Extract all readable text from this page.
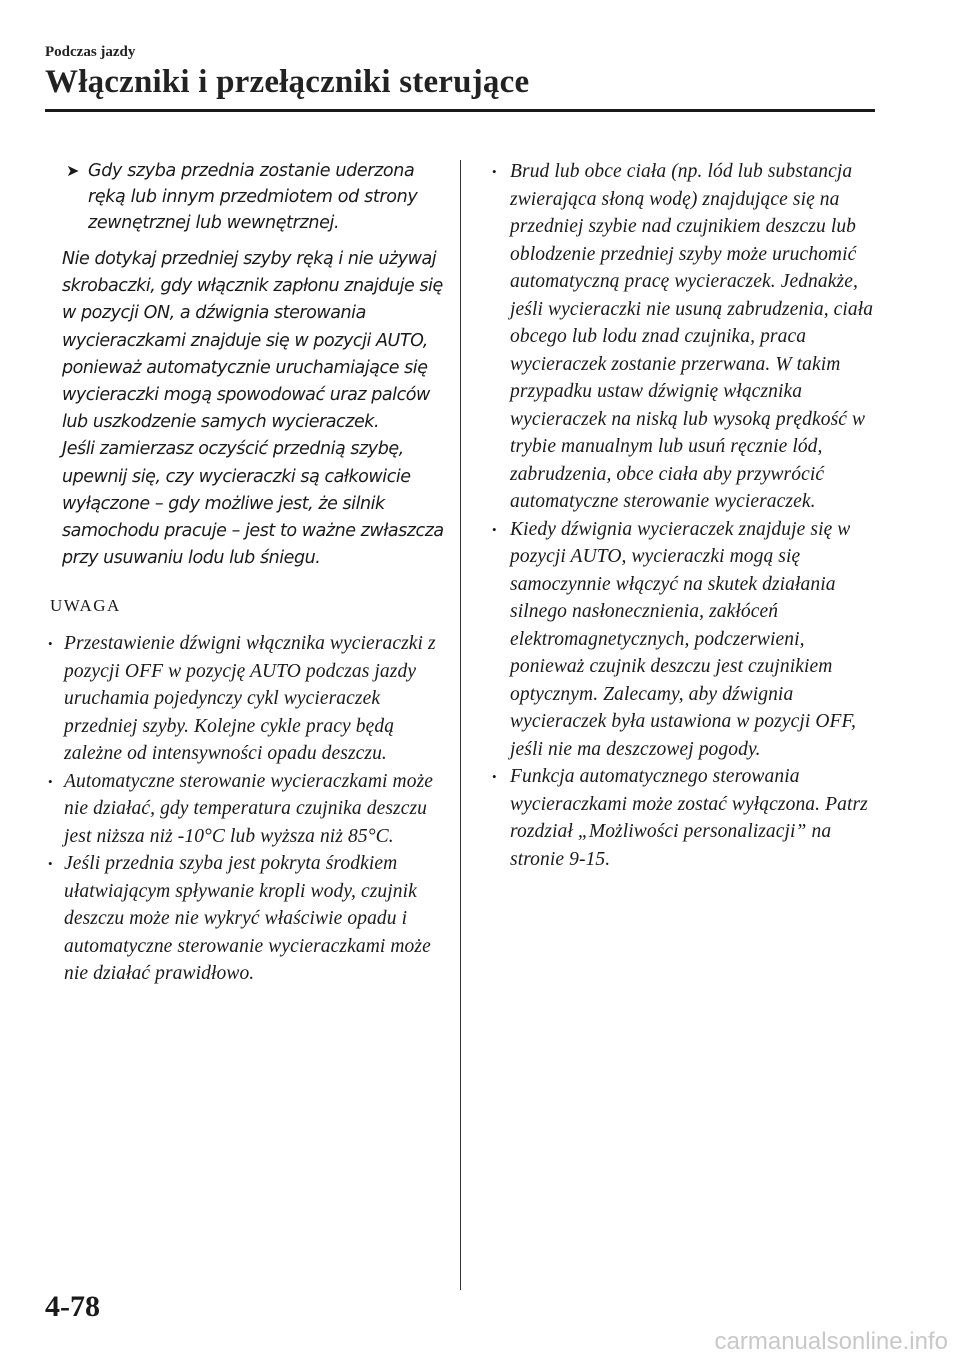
Podczas jazdy
Włączniki i przełączniki sterujące
➤ Gdy szyba przednia zostanie uderzona ręką lub innym przedmiotem od strony zewnętrznej lub wewnętrznej.

Nie dotykaj przedniej szyby ręką i nie używaj skrobaczki, gdy włącznik zapłonu znajduje się w pozycji ON, a dźwignia sterowania wycieraczkami znajduje się w pozycji AUTO, ponieważ automatycznie uruchamiające się wycieraczki mogą spowodować uraz palców lub uszkodzenie samych wycieraczek.

Jeśli zamierzasz oczyścić przednią szybę, upewnij się, czy wycieraczki są całkowicie wyłączone – gdy możliwe jest, że silnik samochodu pracuje – jest to ważne zwłaszcza przy usuwaniu lodu lub śniegu.

UWAGA
• Przestawienie dźwigni włącznika wycieraczki z pozycji OFF w pozycję AUTO podczas jazdy uruchamia pojedynczy cykl wycieraczek przedniej szyby. Kolejne cykle pracy będą zależne od intensywności opadu deszczu.
• Automatyczne sterowanie wycieraczkami może nie działać, gdy temperatura czujnika deszczu jest niższa niż -10°C lub wyższa niż 85°C.
• Jeśli przednia szyba jest pokryta środkiem ułatwiającym spływanie kropli wody, czujnik deszczu może nie wykryć właściwie opadu i automatyczne sterowanie wycieraczkami może nie działać prawidłowo.
• Brud lub obce ciała (np. lód lub substancja zwierająca słoną wodę) znajdujące się na przedniej szybie nad czujnikiem deszczu lub oblodzenie przedniej szyby może uruchomić automatyczną pracę wycieraczek. Jednakże, jeśli wycieraczki nie usuną zabrudzenia, ciała obcego lub lodu znad czujnika, praca wycieraczek zostanie przerwana. W takim przypadku ustaw dźwignię włącznika wycieraczek na niską lub wysoką prędkość w trybie manualnym lub usuń ręcznie lód, zabrudzenia, obce ciała aby przywrócić automatyczne sterowanie wycieraczek.
• Kiedy dźwignia wycieraczek znajduje się w pozycji AUTO, wycieraczki mogą się samoczynnie włączyć na skutek działania silnego nasłonecznienia, zakłóceń elektromagnetycznych, podczerwieni, ponieważ czujnik deszczu jest czujnikiem optycznym. Zalecamy, aby dźwignia wycieraczek była ustawiona w pozycji OFF, jeśli nie ma deszczowej pogody.
• Funkcja automatycznego sterowania wycieraczkami może zostać wyłączona. Patrz rozdział „Możliwości personalizacji” na stronie 9-15.
4-78
carmanualsonline.info
